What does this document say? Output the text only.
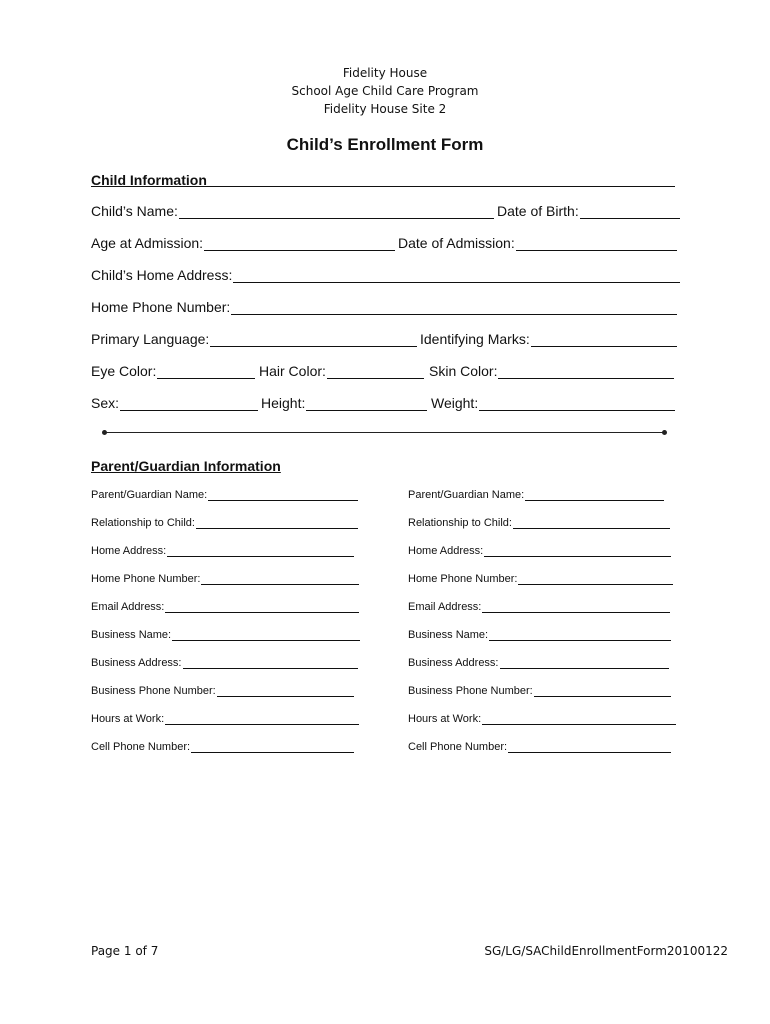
Fidelity House
School Age Child Care Program
Fidelity House Site 2
Child’s Enrollment Form
Child Information
Child’s Name:	Date of Birth:
Age at Admission:	Date of Admission:
Child’s Home Address:
Home Phone Number:
Primary Language:	Identifying Marks:
Eye Color:	Hair Color:	Skin Color:
Sex:	Height:	Weight:
Parent/Guardian Information
Parent/Guardian Name:
Relationship to Child:
Home Address:
Home Phone Number:
Email Address:
Business Name:
Business Address:
Business Phone Number:
Hours at Work:
Cell Phone Number:
Parent/Guardian Name:
Relationship to Child:
Home Address:
Home Phone Number:
Email Address:
Business Name:
Business Address:
Business Phone Number:
Hours at Work:
Cell Phone Number:
Page 1 of 7	SG/LG/SAChildEnrollmentForm20100122
